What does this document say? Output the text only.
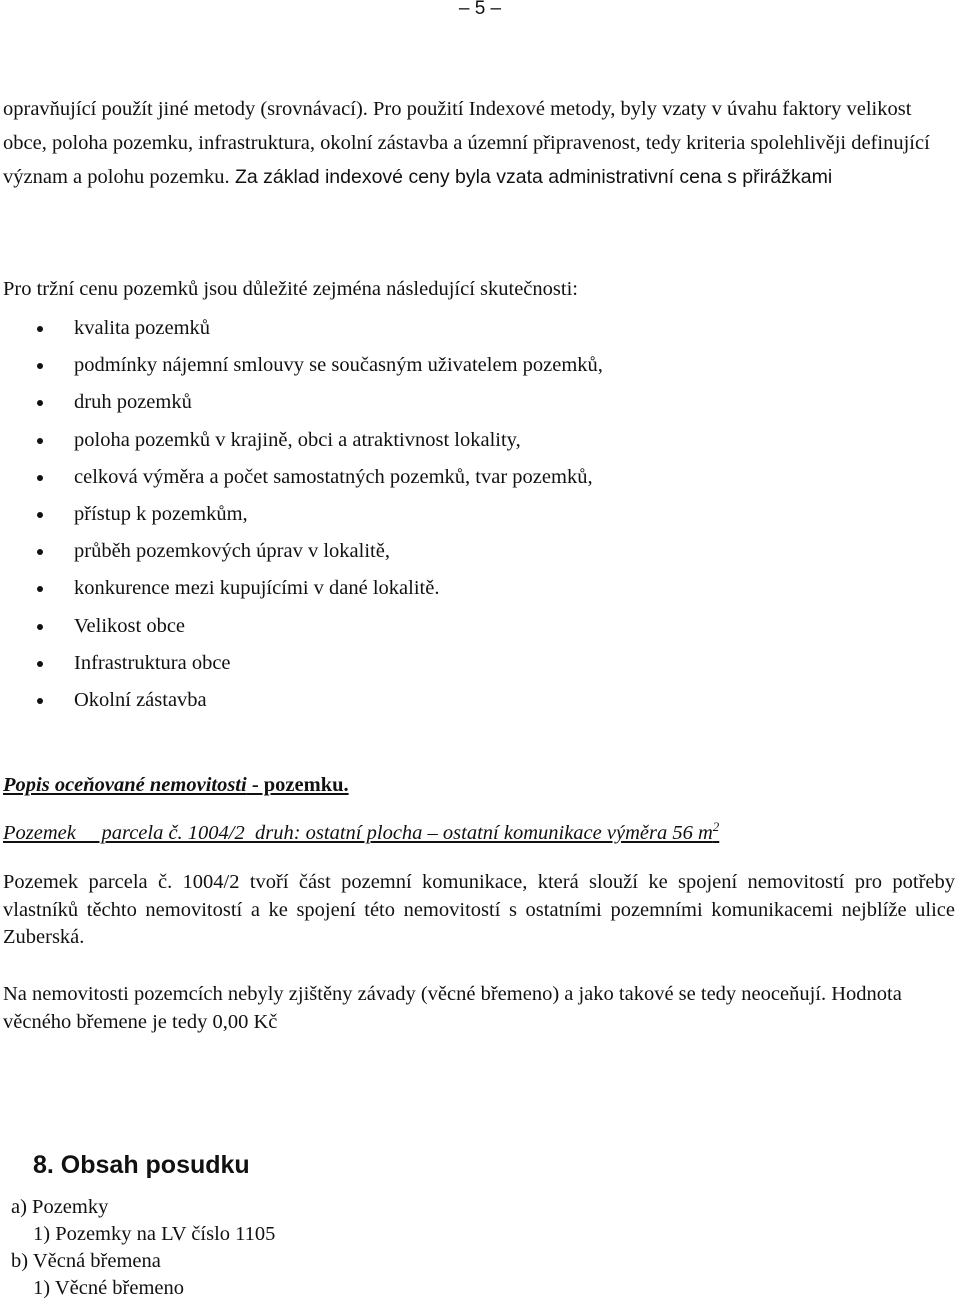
– 5 –

opravňující použít jiné metody (srovnávací). Pro použití Indexové metody, byly vzaty v úvahu faktory velikost obce, poloha pozemku, infrastruktura, okolní zástavba a územní připravenost, tedy kriteria spolehlivěji definující význam a polohu pozemku. Za základ indexové ceny byla vzata administrativní cena s přirážkami

Pro tržní cenu pozemků jsou důležité zejména následující skutečnosti:
kvalita pozemků
podmínky nájemní smlouvy se současným uživatelem pozemků,
druh pozemků
poloha pozemků v krajině, obci a atraktivnost lokality,
celková výměra a počet samostatných pozemků, tvar pozemků,
přístup k pozemkům,
průběh pozemkových úprav v lokalitě,
konkurence mezi kupujícími v dané lokalitě.
Velikost obce
Infrastruktura obce
Okolní zástavba
Popis oceňované nemovitosti - pozemku.
Pozemek     parcela č. 1004/2  druh: ostatní plocha – ostatní komunikace výměra 56 $m^2$

Pozemek parcela č. 1004/2 tvoří část pozemní komunikace, která slouží ke spojení nemovitostí pro potřeby vlastníků těchto nemovitostí a ke spojení této nemovitostí s ostatními pozemními komunikacemi nejblíže ulice Zuberská.

Na nemovitosti pozemcích nebyly zjištěny závady (věcné břemeno) a jako takové se tedy neoceňují. Hodnota věcného břemene je tedy 0,00 Kč

8. Obsah posudku
a) Pozemky
1) Pozemky na LV číslo 1105
b) Věcná břemena
1) Věcné břemeno
